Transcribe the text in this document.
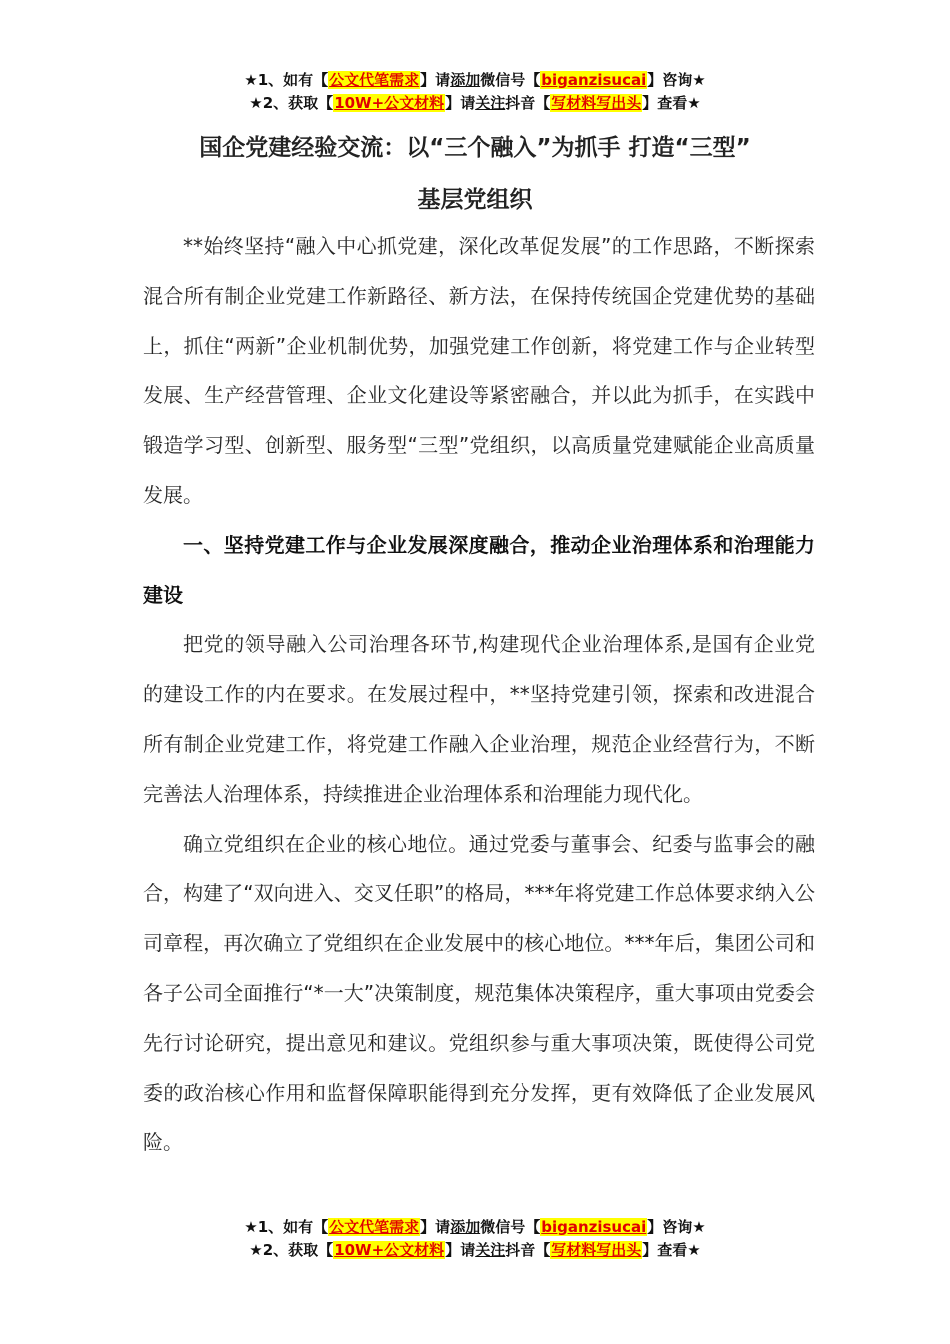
★1、如有【公文代笔需求】请添加微信号【biganzisucai】咨询★
★2、获取【10W+公文材料】请关注抖音【写材料写出头】查看★
国企党建经验交流：以“三个融入”为抓手 打造“三型”
基层党组织

**始终坚持“融入中心抓党建，深化改革促发展”的工作思路，不断探索混合所有制企业党建工作新路径、新方法，在保持传统国企党建优势的基础上，抓住“两新”企业机制优势，加强党建工作创新，将党建工作与企业转型发展、生产经营管理、企业文化建设等紧密融合，并以此为抓手，在实践中锻造学习型、创新型、服务型“三型”党组织，以高质量党建赋能企业高质量发展。

一、坚持党建工作与企业发展深度融合，推动企业治理体系和治理能力建设

把党的领导融入公司治理各环节,构建现代企业治理体系,是国有企业党的建设工作的内在要求。在发展过程中，**坚持党建引领，探索和改进混合所有制企业党建工作，将党建工作融入企业治理，规范企业经营行为，不断完善法人治理体系，持续推进企业治理体系和治理能力现代化。

确立党组织在企业的核心地位。通过党委与董事会、纪委与监事会的融合，构建了“双向进入、交叉任职”的格局，***年将党建工作总体要求纳入公司章程，再次确立了党组织在企业发展中的核心地位。***年后，集团公司和各子公司全面推行“*一大”决策制度，规范集体决策程序，重大事项由党委会先行讨论研究，提出意见和建议。党组织参与重大事项决策，既使得公司党委的政治核心作用和监督保障职能得到充分发挥，更有效降低了企业发展风险。

★1、如有【公文代笔需求】请添加微信号【biganzisucai】咨询★
★2、获取【10W+公文材料】请关注抖音【写材料写出头】查看★
